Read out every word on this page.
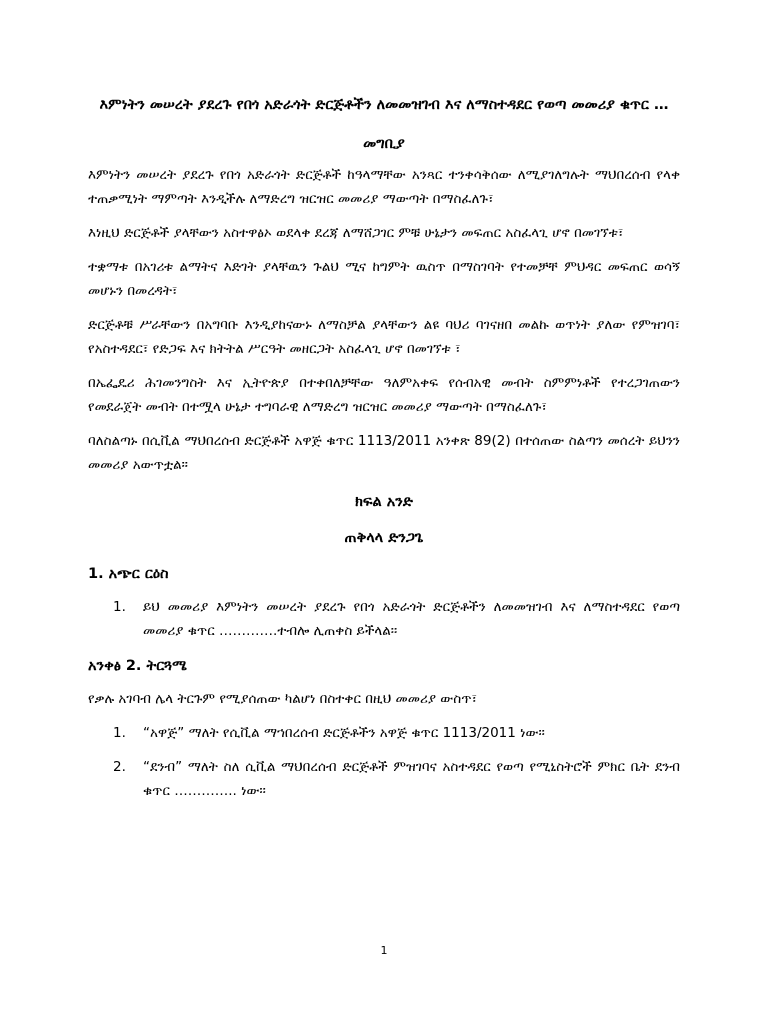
እምነትን መሠረት ያደረጉ የበጎ አድራጎት ድርጅቶችን ለመመዝገብ እና ለማስተዳደር የወጣ መመሪያ ቁጥር …

መግቢያ

እምነትን መሠረት ያደረጉ የበጎ አድራጎት ድርጅቶች ከዓላማቸው አንጻር ተንቀሳቅሰው ለሚያገለግሉት ማህበረሰብ የላቀ ተጠቃሚነት ማምጣት እንዲችሉ ለማድረግ ዝርዝር መመሪያ ማውጣት በማስፈለጉ፣

እነዚህ ድርጅቶች ያላቸውን አስተዋፅኦ ወደላቀ ደረጃ ለማሸጋገር ምቹ ሁኔታን መፍጠር አስፈላጊ ሆኖ በመገኘቱ፣

ተቋማቱ በአገሪቱ ልማትና እድገት ያላቸዉን ጉልህ ሚና ከግምት ዉስጥ በማስገባት የተመቻቸ ምህዳር መፍጠር ወሳኝ መሆኑን በመረዳት፣

ድርጅቶቹ ሥራቸውን በአግባቡ እንዲያከናውኑ ለማስቻል ያላቸውን ልዩ ባህሪ ባገናዘበ መልኩ ወጥነት ያለው የምዝገባ፣ የአስተዳደር፣ የድጋፍ እና ክትትል ሥርዓት መዘርጋት አስፈላጊ ሆኖ በመገኘቱ ፣

በኤፌዴሪ ሕገመንግስት እና ኢትዮጵያ በተቀበለቻቸው ዓለምአቀፍ የሰብአዊ መብት ስምምነቶች የተረጋገጠውን የመደራጀት መብት በተሟላ ሁኔታ ተግባራዊ ለማድረግ ዝርዝር መመሪያ ማውጣት በማስፈለጉ፣

ባለስልጣኑ በሲቪል ማህበረሰብ ድርጅቶች አዋጅ ቁጥር 1113/2011 አንቀጽ 89(2) በተሰጠው ስልጣን መሰረት ይህንን መመሪያ አውጥቷል።

ክፍል አንድ

ጠቅላላ ድንጋጌ

1. አጭር ርዕስ

1. ይህ መመሪያ እምነትን መሠረት ያደረጉ የበጎ አድራጎት ድርጅቶችን ለመመዝገብ እና ለማስተዳደር የወጣ መመሪያ ቁጥር ………….ተብሎ ሊጠቀስ ይችላል፡፡

አንቀፅ 2. ትርጓሜ

የቃሉ አገባብ ሌላ ትርጉም የሚያሰጠው ካልሆነ በስተቀር በዚህ መመሪያ ውስጥ፣

1. “አዋጅ” ማለት የሲቪል ማኀበረሰብ ድርጅቶችን አዋጅ ቁጥር 1113/2011 ነው፡፡
2. “ደንብ” ማለት ስለ ሲቪል ማህበረሰብ ድርጅቶች ምዝገባና አስተዳደር የወጣ የሚኒስትሮች ምክር ቤት ደንብ ቁጥር ………….. ነው፡፡
1
